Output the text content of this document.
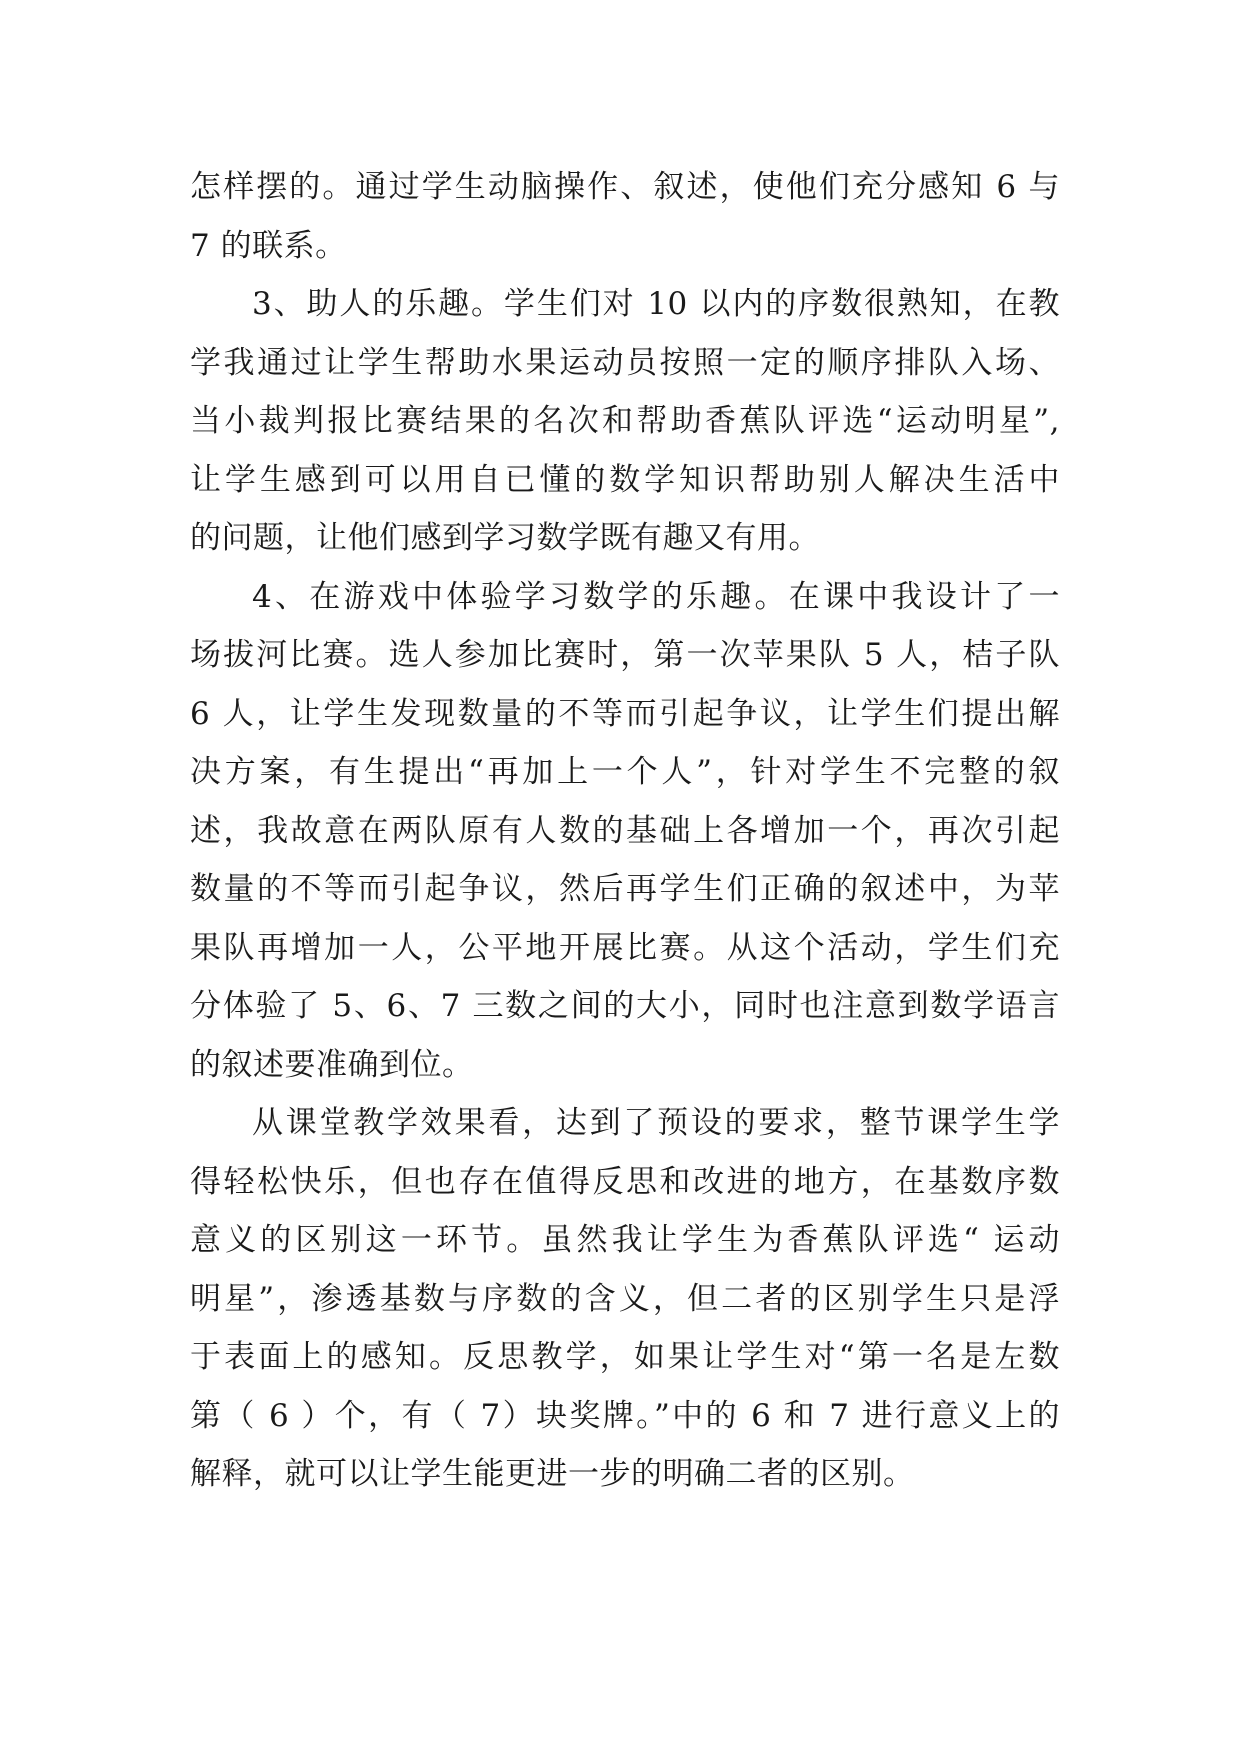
怎样摆的。通过学生动脑操作、叙述，使他们充分感知 6 与
7 的联系。
3、助人的乐趣。学生们对 10 以内的序数很熟知，在教
学我通过让学生帮助水果运动员按照一定的顺序排队入场、
当小裁判报比赛结果的名次和帮助香蕉队评选“运动明星”,
让学生感到可以用自已懂的数学知识帮助别人解决生活中
的问题，让他们感到学习数学既有趣又有用。
4、在游戏中体验学习数学的乐趣。在课中我设计了一
场拔河比赛。选人参加比赛时，第一次苹果队 5 人，桔子队
6 人，让学生发现数量的不等而引起争议，让学生们提出解
决方案，有生提出“再加上一个人”，针对学生不完整的叙
述，我故意在两队原有人数的基础上各增加一个，再次引起
数量的不等而引起争议，然后再学生们正确的叙述中，为苹
果队再增加一人，公平地开展比赛。从这个活动，学生们充
分体验了 5、6、7 三数之间的大小，同时也注意到数学语言
的叙述要准确到位。
从课堂教学效果看，达到了预设的要求，整节课学生学
得轻松快乐，但也存在值得反思和改进的地方，在基数序数
意义的区别这一环节。虽然我让学生为香蕉队评选“ 运动
明星”，渗透基数与序数的含义，但二者的区别学生只是浮
于表面上的感知。反思教学，如果让学生对“第一名是左数
第（ 6 ）个，有（ 7）块奖牌。”中的 6 和 7 进行意义上的
解释，就可以让学生能更进一步的明确二者的区别。
